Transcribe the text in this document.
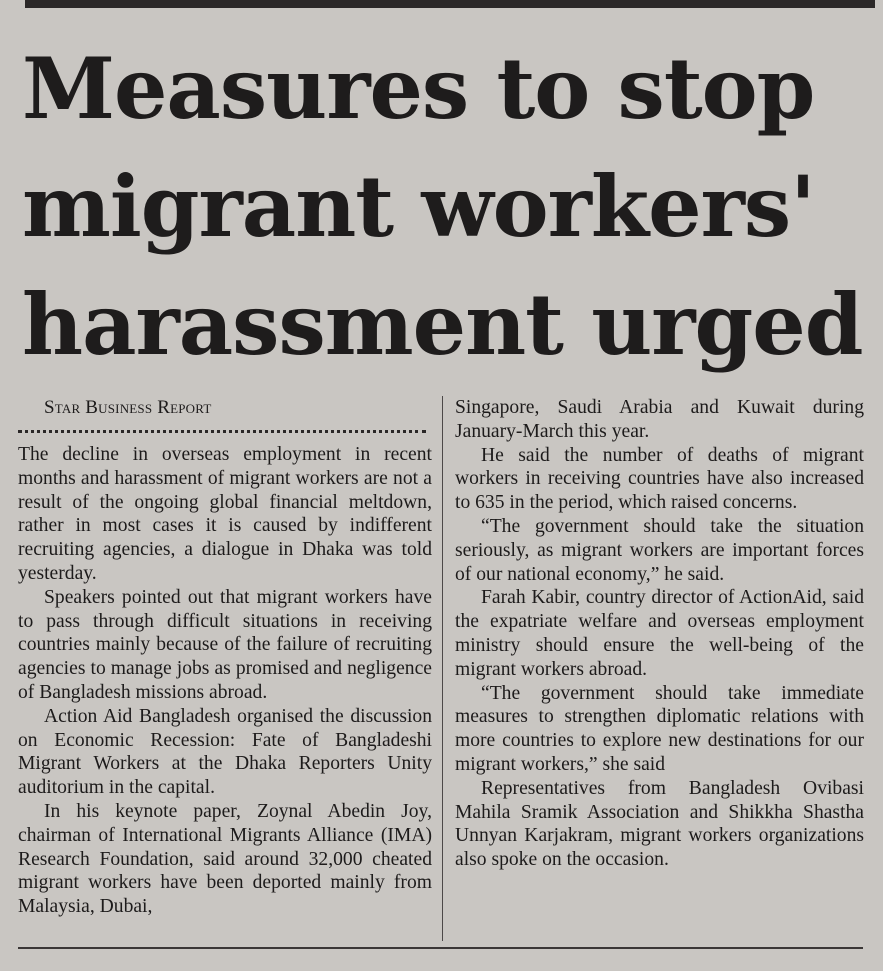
Measures to stop
migrant workers'
harassment urged

Star Business Report

The decline in overseas employment in recent months and harassment of migrant workers are not a result of the ongoing global financial meltdown, rather in most cases it is caused by indifferent recruiting agencies, a dialogue in Dhaka was told yesterday.

Speakers pointed out that migrant workers have to pass through difficult situations in receiving countries mainly because of the failure of recruiting agencies to manage jobs as promised and negligence of Bangladesh missions abroad.

Action Aid Bangladesh organised the discussion on Economic Recession: Fate of Bangladeshi Migrant Workers at the Dhaka Reporters Unity auditorium in the capital.

In his keynote paper, Zoynal Abedin Joy, chairman of International Migrants Alliance (IMA) Research Foundation, said around 32,000 cheated migrant workers have been deported mainly from Malaysia, Dubai,

Singapore, Saudi Arabia and Kuwait during January-March this year.

He said the number of deaths of migrant workers in receiving countries have also increased to 635 in the period, which raised concerns.

“The government should take the situation seriously, as migrant workers are important forces of our national economy,” he said.

Farah Kabir, country director of ActionAid, said the expatriate welfare and overseas employment ministry should ensure the well-being of the migrant workers abroad.

“The government should take immediate measures to strengthen diplomatic relations with more countries to explore new destinations for our migrant workers,” she said

Representatives from Bangladesh Ovibasi Mahila Sramik Association and Shikkha Shastha Unnyan Karjakram, migrant workers organizations also spoke on the occasion.
